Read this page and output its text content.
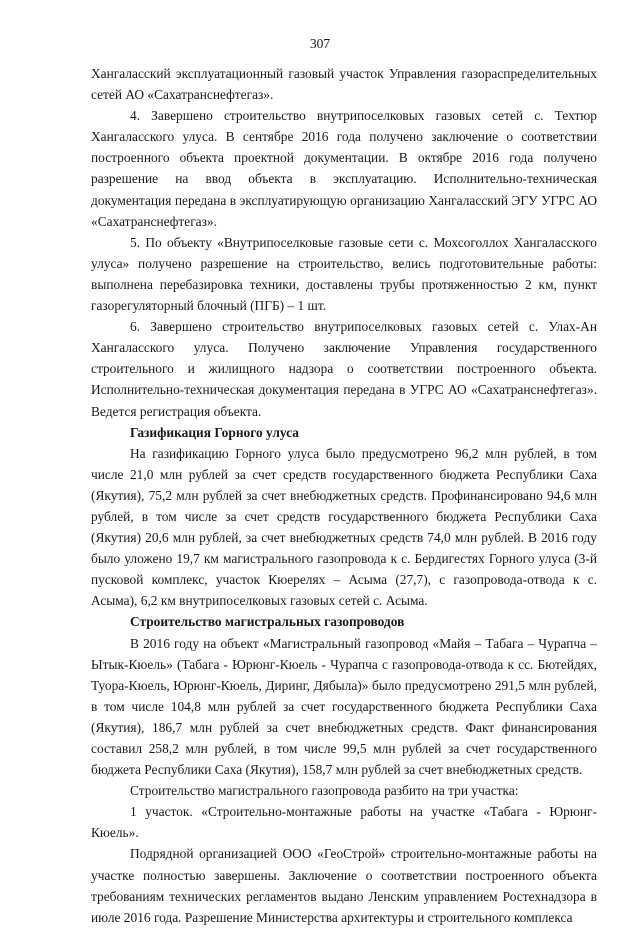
307

Хангаласский эксплуатационный газовый участок Управления газораспределительных сетей АО «Сахатранснефтегаз».

4. Завершено строительство внутрипоселковых газовых сетей с. Техтюр Хангаласского улуса. В сентябре 2016 года получено заключение о соответствии построенного объекта проектной документации. В октябре 2016 года получено разрешение на ввод объекта в эксплуатацию. Исполнительно-техническая документация передана в эксплуатирующую организацию Хангаласский ЭГУ УГРС АО «Сахатранснефтегаз».

5. По объекту «Внутрипоселковые газовые сети с. Мохсоголлох Хангаласского улуса» получено разрешение на строительство, велись подготовительные работы: выполнена перебазировка техники, доставлены трубы протяженностью 2 км, пункт газорегуляторный блочный (ПГБ) – 1 шт.

6. Завершено строительство внутрипоселковых газовых сетей с. Улах-Ан Хангаласского улуса. Получено заключение Управления государственного строительного и жилищного надзора о соответствии построенного объекта. Исполнительно-техническая документация передана в УГРС АО «Сахатранснефтегаз». Ведется регистрация объекта.

Газификация Горного улуса

На газификацию Горного улуса было предусмотрено 96,2 млн рублей, в том числе 21,0 млн рублей за счет средств государственного бюджета Республики Саха (Якутия), 75,2 млн рублей за счет внебюджетных средств. Профинансировано 94,6 млн рублей, в том числе за счет средств государственного бюджета Республики Саха (Якутия) 20,6 млн рублей, за счет внебюджетных средств 74,0 млн рублей. В 2016 году было уложено 19,7 км магистрального газопровода к с. Бердигестях Горного улуса (3-й пусковой комплекс, участок Кюерелях – Асыма (27,7), с газопровода-отвода к с. Асыма), 6,2 км внутрипоселковых газовых сетей с. Асыма.

Строительство магистральных газопроводов

В 2016 году на объект «Магистральный газопровод «Майя – Табага – Чурапча – Ытык-Кюель» (Табага - Юрюнг-Кюель - Чурапча с газопровода-отвода к сс. Бютейдях, Туора-Кюель, Юрюнг-Кюель, Диринг, Дябыла)» было предусмотрено 291,5 млн рублей, в том числе 104,8 млн рублей за счет государственного бюджета Республики Саха (Якутия), 186,7 млн рублей за счет внебюджетных средств. Факт финансирования составил 258,2 млн рублей, в том числе 99,5 млн рублей за счет государственного бюджета Республики Саха (Якутия), 158,7 млн рублей за счет внебюджетных средств.

Строительство магистрального газопровода разбито на три участка:

1 участок. «Строительно-монтажные работы на участке «Табага - Юрюнг-Кюель».

Подрядной организацией ООО «ГеоСтрой» строительно-монтажные работы на участке полностью завершены. Заключение о соответствии построенного объекта требованиям технических регламентов выдано Ленским управлением Ростехнадзора в июле 2016 года. Разрешение Министерства архитектуры и строительного комплекса
